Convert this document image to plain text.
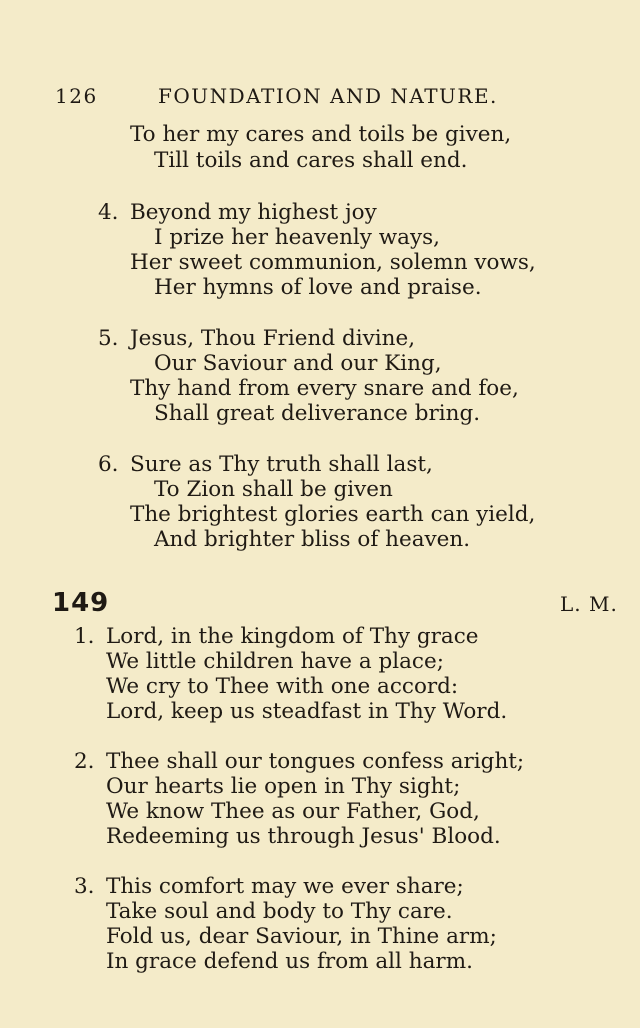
126	FOUNDATION AND NATURE.
To her my cares and toils be given,
Till toils and cares shall end.
4. Beyond my highest joy
I prize her heavenly ways,
Her sweet communion, solemn vows,
Her hymns of love and praise.
5. Jesus, Thou Friend divine,
Our Saviour and our King,
Thy hand from every snare and foe,
Shall great deliverance bring.
6. Sure as Thy truth shall last,
To Zion shall be given
The brightest glories earth can yield,
And brighter bliss of heaven.
149	L. M.
1. Lord, in the kingdom of Thy grace
We little children have a place;
We cry to Thee with one accord:
Lord, keep us steadfast in Thy Word.
2. Thee shall our tongues confess aright;
Our hearts lie open in Thy sight;
We know Thee as our Father, God,
Redeeming us through Jesus' Blood.
3. This comfort may we ever share;
Take soul and body to Thy care.
Fold us, dear Saviour, in Thine arm;
In grace defend us from all harm.
